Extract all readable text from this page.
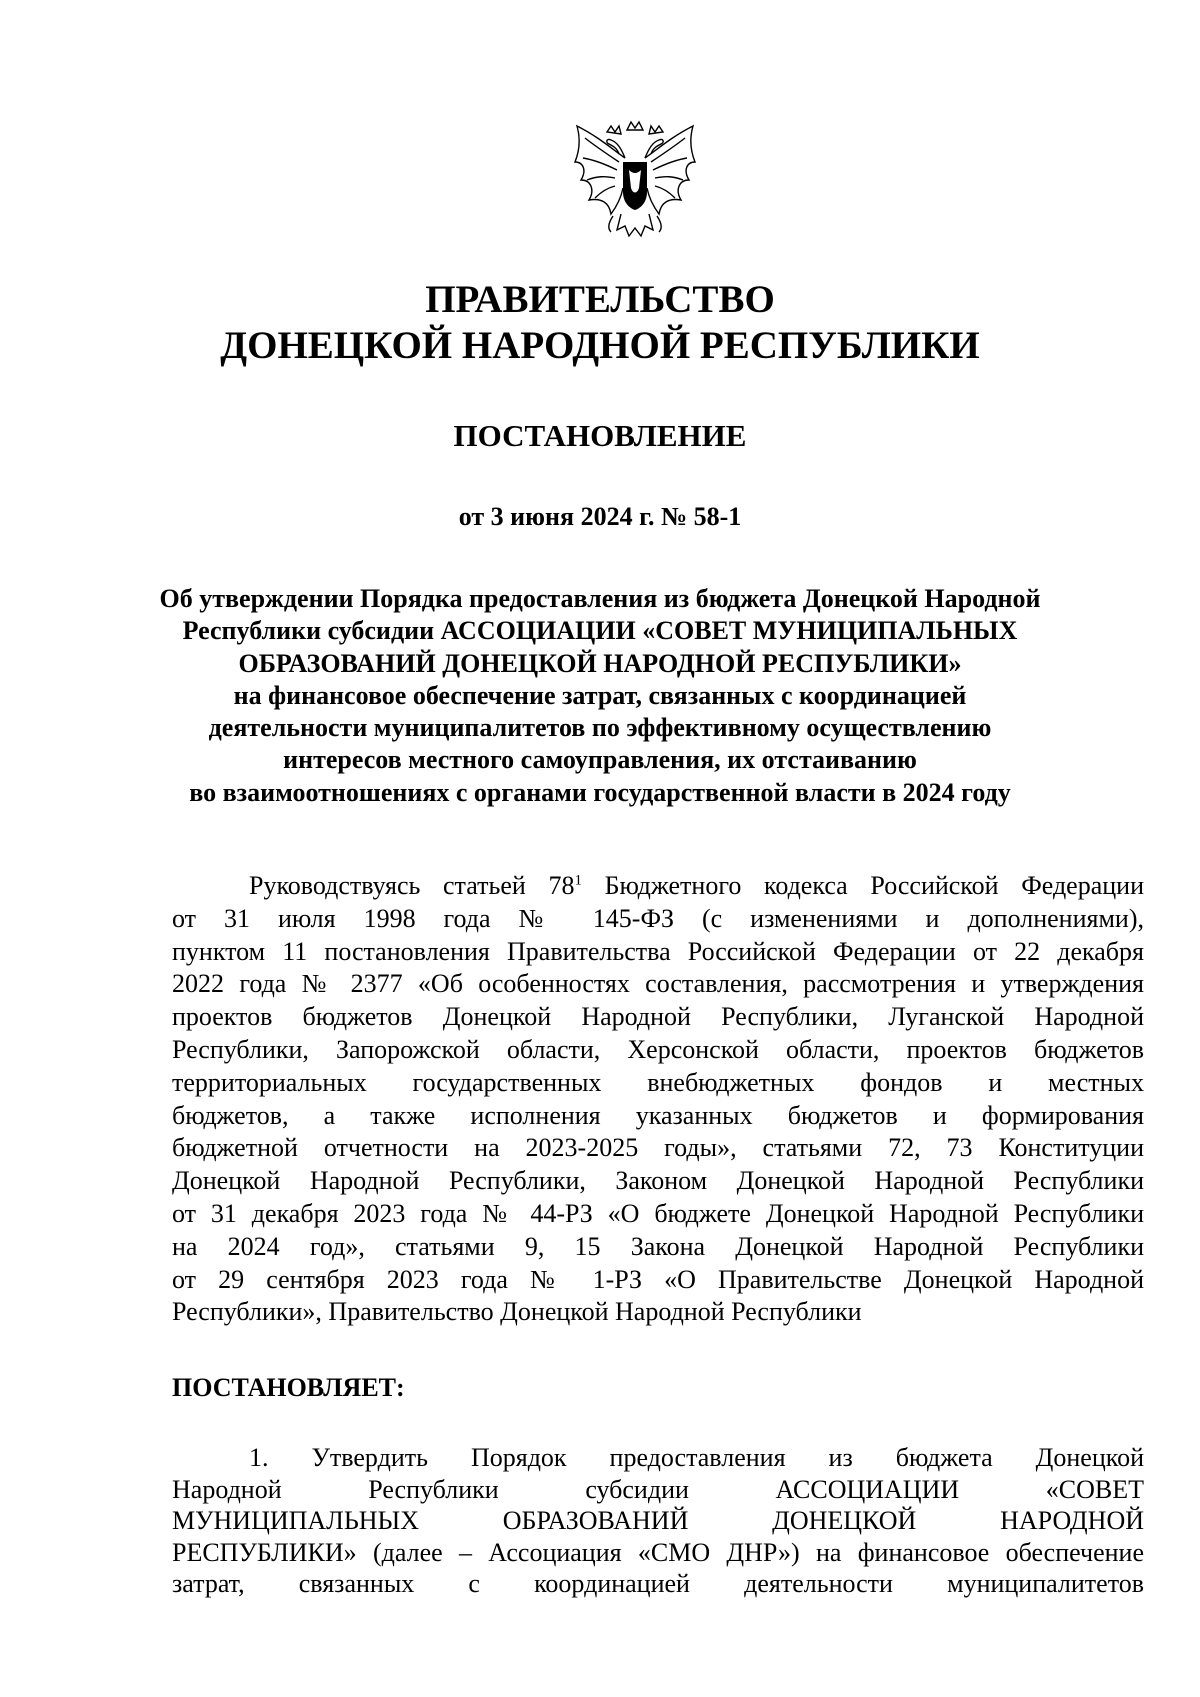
ПРАВИТЕЛЬСТВО
ДОНЕЦКОЙ НАРОДНОЙ РЕСПУБЛИКИ
ПОСТАНОВЛЕНИЕ
от 3 июня 2024 г. № 58-1
Об утверждении Порядка предоставления из бюджета Донецкой Народной
Республики субсидии АССОЦИАЦИИ «СОВЕТ МУНИЦИПАЛЬНЫХ
ОБРАЗОВАНИЙ ДОНЕЦКОЙ НАРОДНОЙ РЕСПУБЛИКИ»
на финансовое обеспечение затрат, связанных с координацией
деятельности муниципалитетов по эффективному осуществлению
интересов местного самоуправления, их отстаиванию
во взаимоотношениях с органами государственной власти в 2024 году
Руководствуясь статьей $78^1$ Бюджетного кодекса Российской Федерации
от 31 июля 1998 года № 145-ФЗ (с изменениями и дополнениями),
пунктом 11 постановления Правительства Российской Федерации от 22 декабря
2022 года № 2377 «Об особенностях составления, рассмотрения и утверждения
проектов бюджетов Донецкой Народной Республики, Луганской Народной
Республики, Запорожской области, Херсонской области, проектов бюджетов
территориальных государственных внебюджетных фондов и местных
бюджетов, а также исполнения указанных бюджетов и формирования
бюджетной отчетности на 2023-2025 годы», статьями 72, 73 Конституции
Донецкой Народной Республики, Законом Донецкой Народной Республики
от 31 декабря 2023 года № 44-РЗ «О бюджете Донецкой Народной Республики
на 2024 год», статьями 9, 15 Закона Донецкой Народной Республики
от 29 сентября 2023 года № 1-РЗ «О Правительстве Донецкой Народной
Республики», Правительство Донецкой Народной Республики
ПОСТАНОВЛЯЕТ:
1. Утвердить Порядок предоставления из бюджета Донецкой
Народной Республики субсидии АССОЦИАЦИИ «СОВЕТ
МУНИЦИПАЛЬНЫХ ОБРАЗОВАНИЙ ДОНЕЦКОЙ НАРОДНОЙ
РЕСПУБЛИКИ» (далее – Ассоциация «СМО ДНР») на финансовое обеспечение
затрат, связанных с координацией деятельности муниципалитетов
